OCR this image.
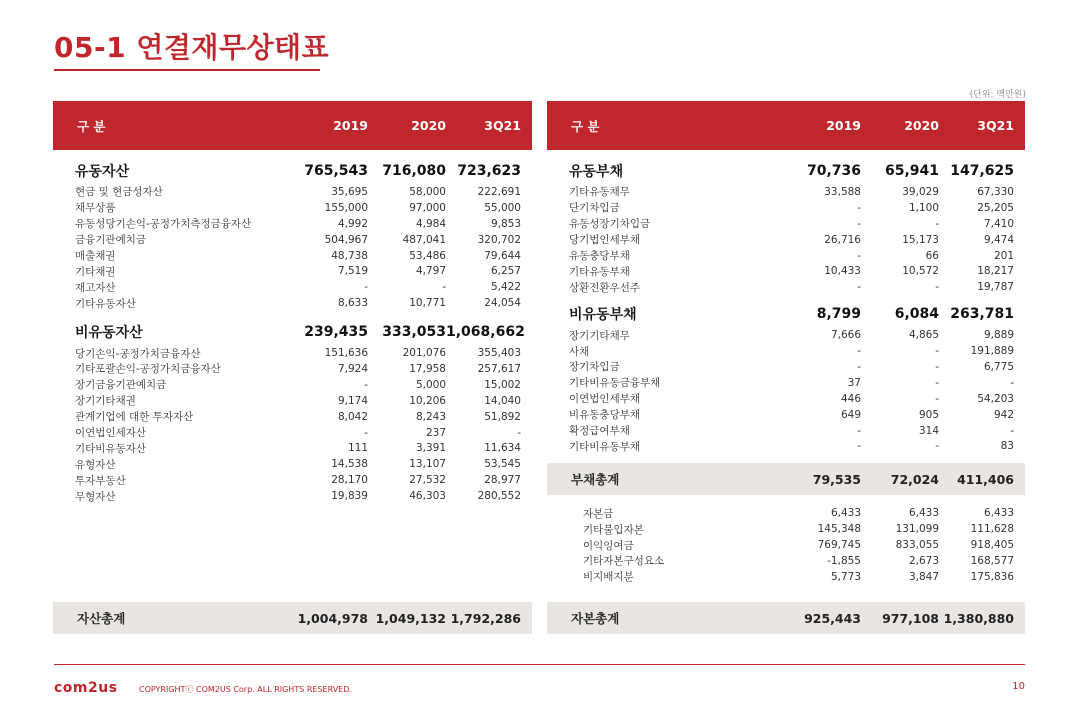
05-1 연결재무상태표
(단위: 백만원)
구 분	2019	2020	3Q21
유동자산	765,543	716,080 723,623
현금 및 현금성자산	35,695	58,000	222,691
채무상품	155,000	97,000	55,000
유동성당기손익-공정가치측정금융자산	4,992	4,984	9,853
금융기관예치금	504,967	487,041	320,702
매출채권	48,738	53,486	79,644
기타채권	7,519	4,797	6,257
재고자산	-	-	5,422
기타유동자산	8,633	10,771	24,054
비유동자산	239,435	333,053 1,068,662
당기손익-공정가치금융자산	151,636	201,076	355,403
기타포괄손익-공정가치금융자산	7,924	17,958	257,617
장기금융기관예치금	-	5,000	15,002
장기기타채권	9,174	10,206	14,040
관계기업에 대한 투자자산	8,042	8,243	51,892
이연법인세자산	-	237	-
기타비유동자산	111	3,391	11,634
유형자산	14,538	13,107	53,545
투자부동산	28,170	27,532	28,977
무형자산	19,839	46,303	280,552
자산총계	1,004,978 1,049,132 1,792,286
구 분	2019	2020	3Q21
유동부채	70,736	65,941 147,625
기타유동채무	33,588	39,029	67,330
단기차입금	-	1,100	25,205
유동성장기차입금	-	-	7,410
당기법인세부채	26,716	15,173	9,474
유동충당부채	-	66	201
기타유동부채	10,433	10,572	18,217
상환전환우선주	-	-	19,787
비유동부채	8,799	6,084 263,781
장기기타채무	7,666	4,865	9,889
사채	-	-	191,889
장기차입금	-	-	6,775
기타비유동금융부채	37	-	-
이연법인세부채	446	-	54,203
비유동충당부채	649	905	942
확정급여부채	-	314	-
기타비유동부채	-	-	83
부채총계	79,535	72,024	411,406
자본금	6,433	6,433	6,433
기타불입자본	145,348	131,099	111,628
이익잉여금	769,745	833,055	918,405
기타자본구성요소	-1,855	2,673	168,577
비지배지분	5,773	3,847	175,836
자본총계	925,443	977,108 1,380,880
com2us	COPYRIGHTⓒ COM2US Corp. ALL RIGHTS RESERVED.	10
